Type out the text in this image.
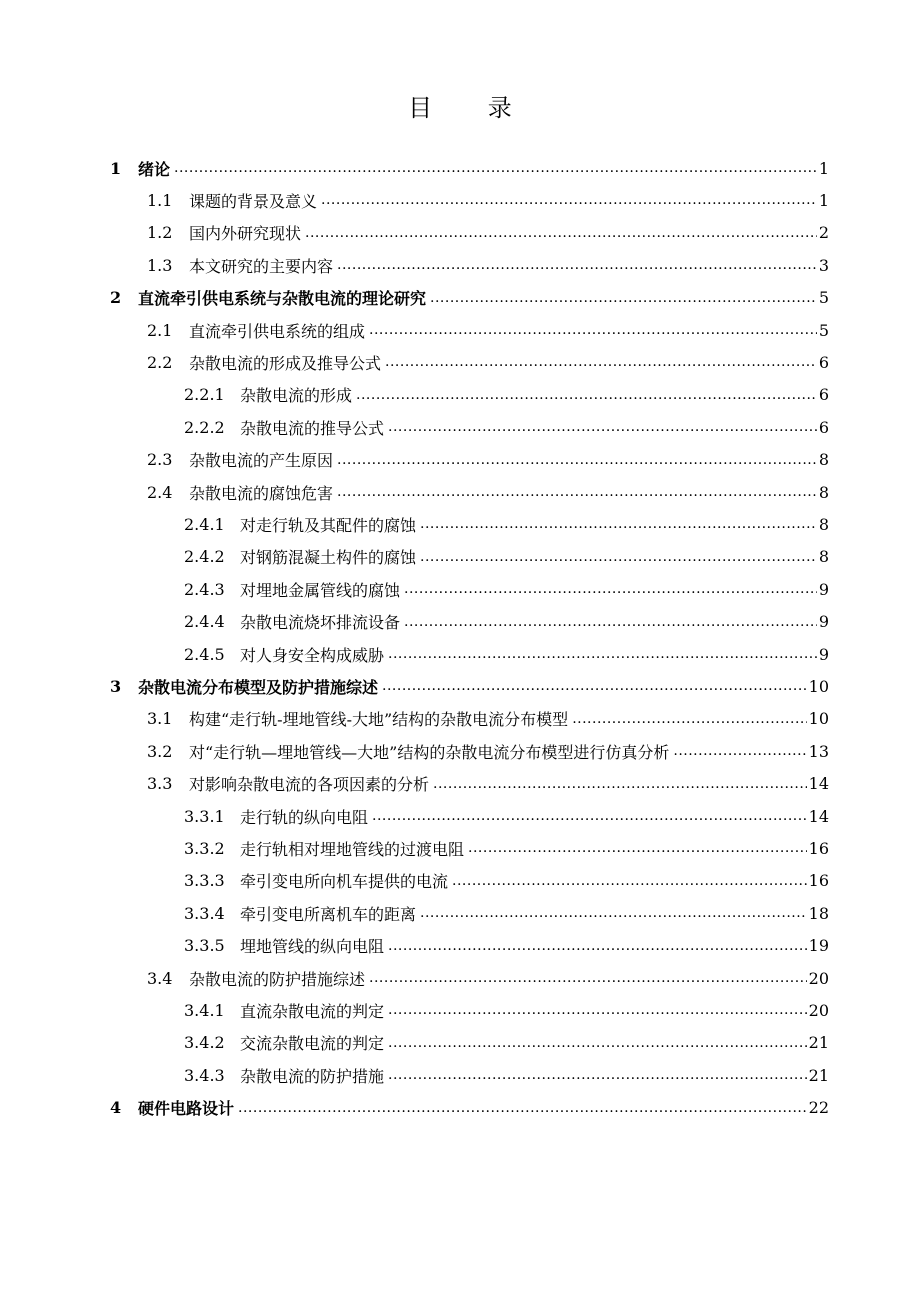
目 录
1	绪论 .....	1
1.1	课题的背景及意义 .....	1
1.2	国内外研究现状 .....	2
1.3	本文研究的主要内容 .....	3
2	直流牵引供电系统与杂散电流的理论研究 .....	5
2.1	直流牵引供电系统的组成 .....	5
2.2	杂散电流的形成及推导公式 .....	6
2.2.1 杂散电流的形成 .....	6
2.2.2 杂散电流的推导公式 .....	6
2.3	杂散电流的产生原因 .....	8
2.4	杂散电流的腐蚀危害 .....	8
2.4.1 对走行轨及其配件的腐蚀 .....	8
2.4.2 对钢筋混凝土构件的腐蚀 .....	8
2.4.3 对埋地金属管线的腐蚀 .....	9
2.4.4 杂散电流烧坏排流设备 .....	9
2.4.5 对人身安全构成威胁 .....	9
3	杂散电流分布模型及防护措施综述 .....	10
3.1	构建“走行轨-埋地管线-大地”结构的杂散电流分布模型 .....	10
3.2	对“走行轨—埋地管线—大地”结构的杂散电流分布模型进行仿真分析 .....	13
3.3	对影响杂散电流的各项因素的分析 .....	14
3.3.1 走行轨的纵向电阻 .....	14
3.3.2 走行轨相对埋地管线的过渡电阻 .....	16
3.3.3 牵引变电所向机车提供的电流 .....	16
3.3.4 牵引变电所离机车的距离 .....	18
3.3.5 埋地管线的纵向电阻 .....	19
3.4	杂散电流的防护措施综述 .....	20
3.4.1 直流杂散电流的判定 .....	20
3.4.2 交流杂散电流的判定 .....	21
3.4.3 杂散电流的防护措施 .....	21
4	硬件电路设计 .....	22
